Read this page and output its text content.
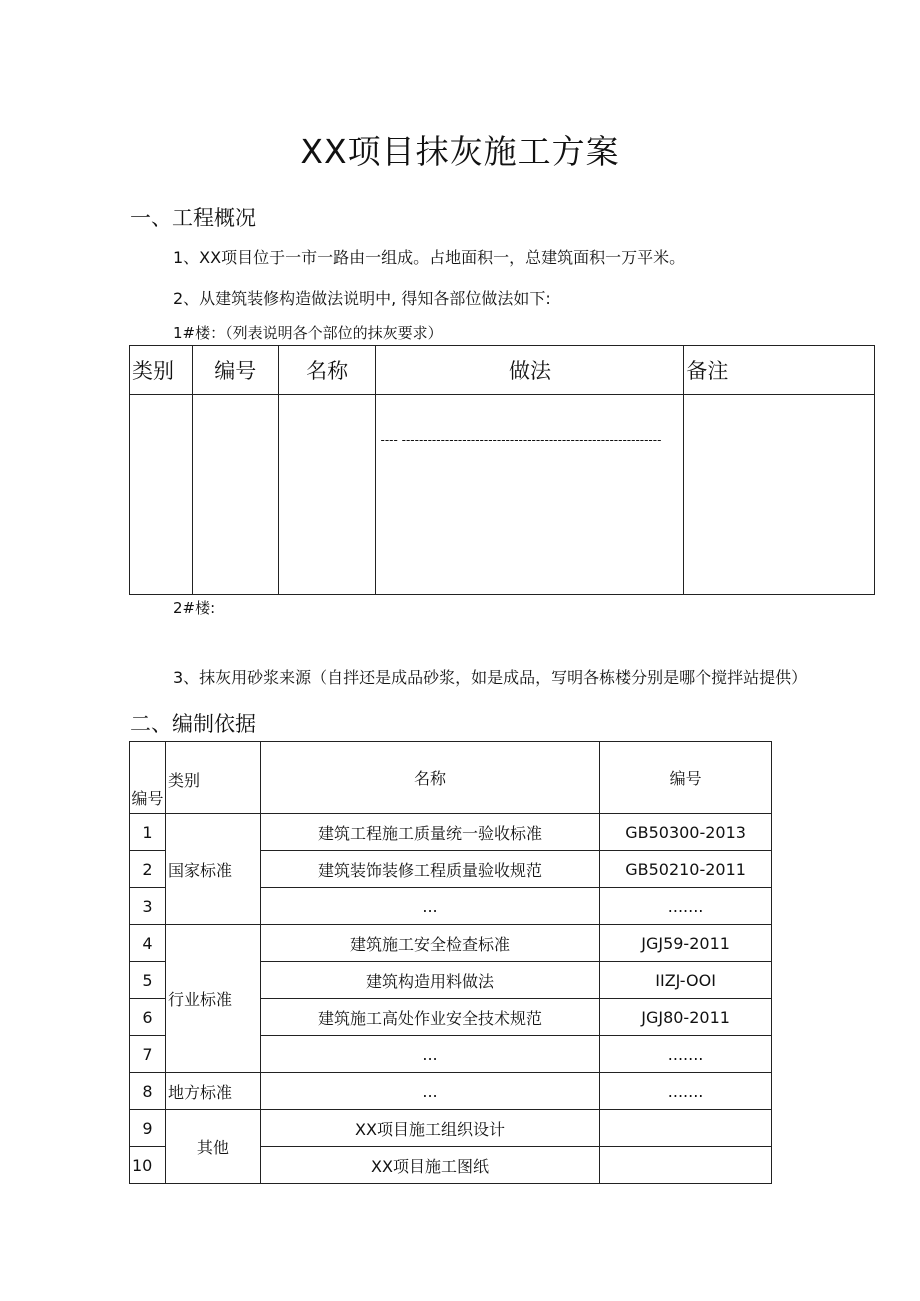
XX项目抹灰施工方案
一、工程概况

1、XX项目位于一市一路由一组成。占地面积一，总建筑面积一万平米。

2、从建筑装修构造做法说明中, 得知各部位做法如下:

1#楼：（列表说明各个部位的抹灰要求）

类别	编号	名称	做法	备注

			---- ------------------------------------------------------------	

2#楼:

3、抹灰用砂浆来源（自拌还是成品砂浆，如是成品，写明各栋楼分别是哪个搅拌站提供）

二、编制依据
编号	类别	名称	编号
1	国家标准	建筑工程施工质量统一验收标准	GB50300-2013
2		建筑装饰装修工程质量验收规范	GB50210-2011
3		...	.......
4	行业标准	建筑施工安全检查标准	JGJ59-2011
5		建筑构造用料做法	IIZJ-OOI
6		建筑施工高处作业安全技术规范	JGJ80-2011
7		...	.......
8	地方标准	...	.......
9	其他	XX项目施工组织设计	
10		XX项目施工图纸	
